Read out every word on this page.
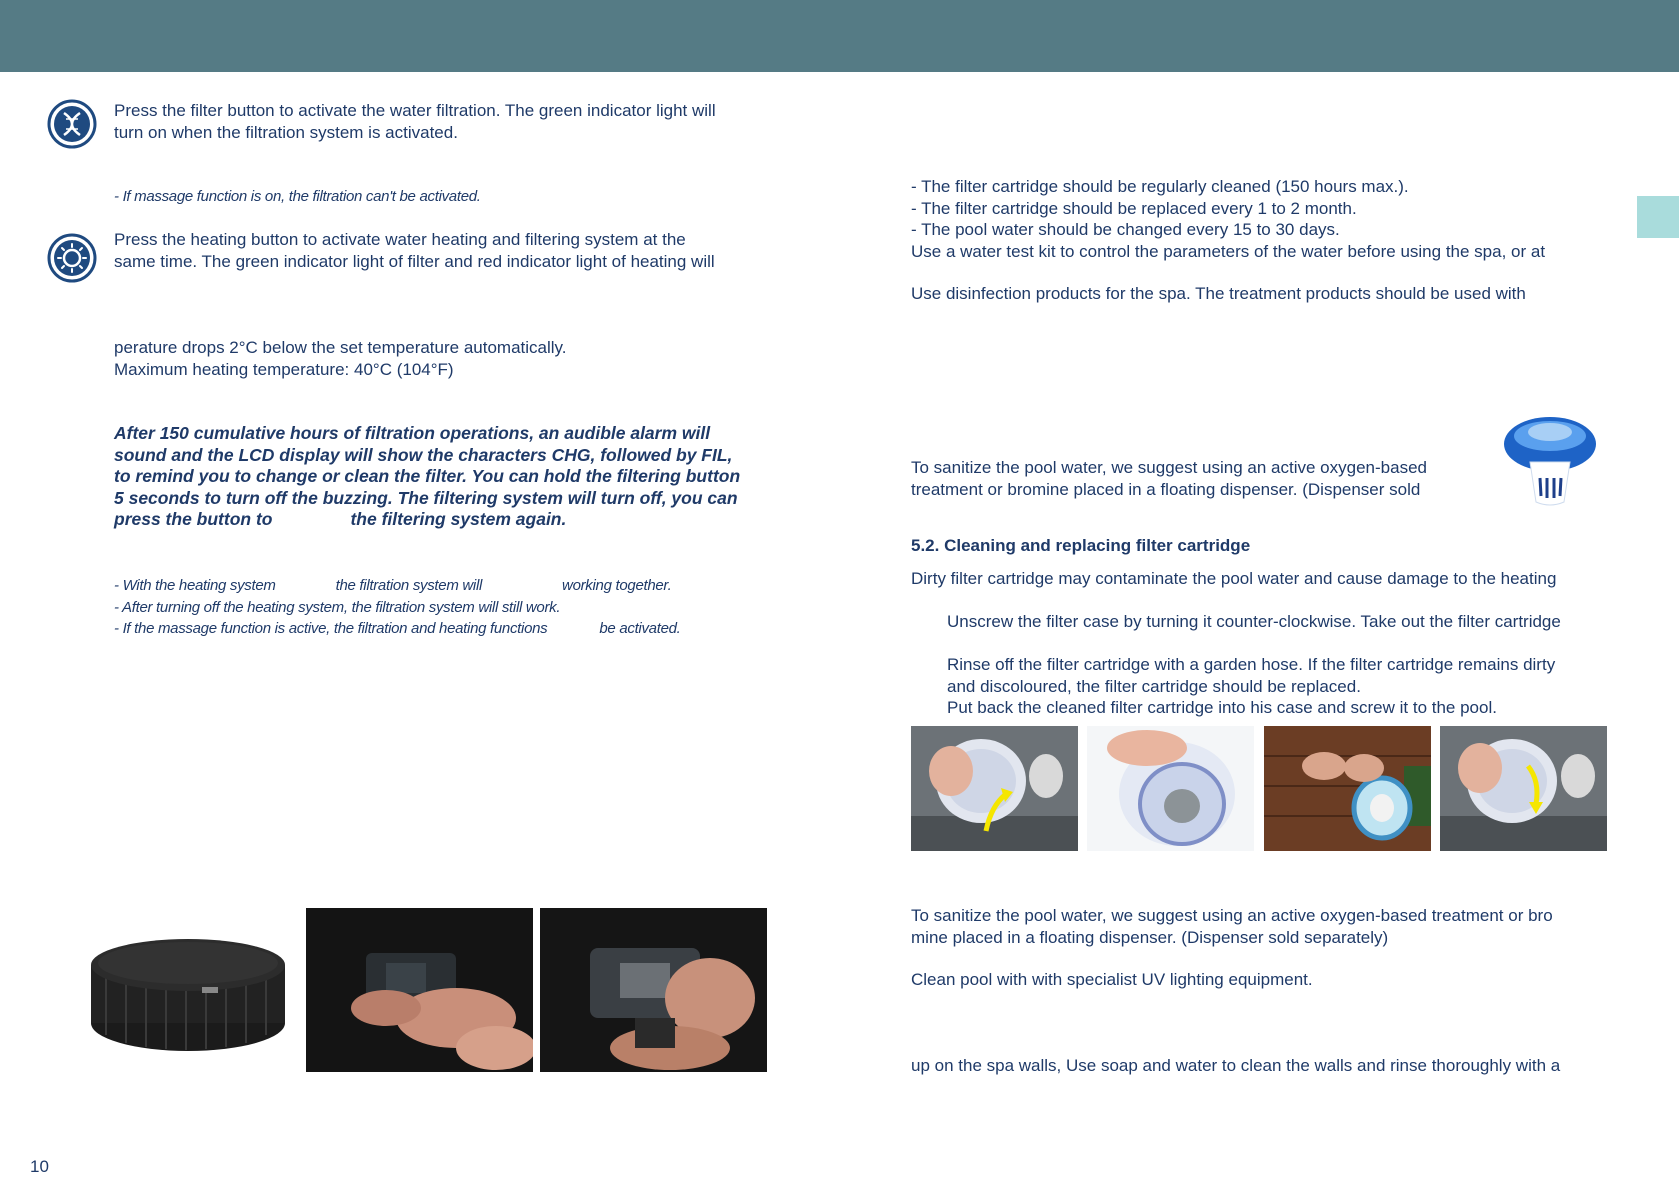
Press the filter button to activate the water filtration. The green indicator light will
turn on when the filtration system is activated.
- If massage function is on, the filtration can't be activated.
Press the heating button to activate water heating and filtering system at the
same time. The green indicator light of filter and red indicator light of heating will
perature drops 2°C below the set temperature automatically.
Maximum heating temperature: 40°C (104°F)
After 150 cumulative hours of filtration operations, an audible alarm will
sound and the LCD display will show the characters CHG, followed by FIL,
to remind you to change or clean the filter. You can hold the filtering button
5 seconds to turn off the buzzing. The filtering system will turn off, you can
press the button to	the filtering system again.
- With the heating system	the filtration system will	working together.
- After turning off the heating system, the filtration system will still work.
- If the massage function is active, the filtration and heating functions	be activated.
- The filter cartridge should be regularly cleaned (150 hours max.).
- The filter cartridge should be replaced every 1 to 2 month.
- The pool water should be changed every 15 to 30 days.
Use a water test kit to control the parameters of the water before using the spa, or at
Use disinfection products for the spa. The treatment products should be used with
To sanitize the pool water, we suggest using an active oxygen-based
treatment or bromine placed in a floating dispenser. (Dispenser sold
5.2. Cleaning and replacing filter cartridge
Dirty filter cartridge may contaminate the pool water and cause damage to the heating
Unscrew the filter case by turning it counter-clockwise. Take out the filter cartridge
Rinse off the filter cartridge with a garden hose. If the filter cartridge remains dirty
and discoloured, the filter cartridge should be replaced.
Put back the cleaned filter cartridge into his case and screw it to the pool.
To sanitize the pool water, we suggest using an active oxygen-based treatment or bro
mine placed in a floating dispenser. (Dispenser sold separately)
Clean pool with with specialist UV lighting equipment.
up on the spa walls, Use soap and water to clean the walls and rinse thoroughly with a
10
